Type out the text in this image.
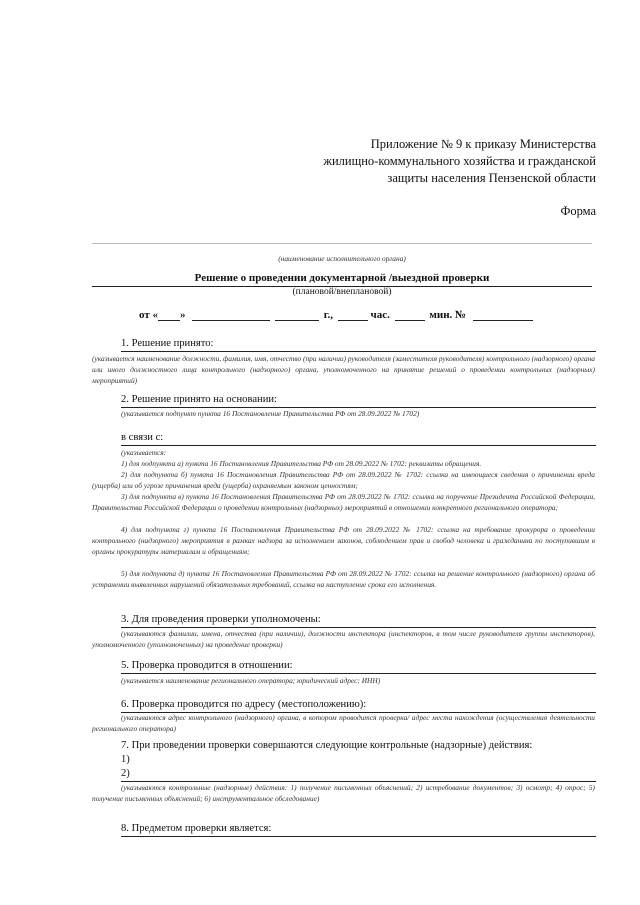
Приложение № 9 к приказу Министерства
жилищно-коммунального хозяйства и гражданской
защиты населения Пензенской области
Форма
(наименование исполнительного органа)
Решение о проведении документарной /выездной проверки
(плановой/внеплановой)
от « »	г.,	час.	мин. №
1. Решение принято:
(указывается наименование должности, фамилия, имя, отчество (при наличии) руководителя (заместителя руководителя) контрольного (надзорного) органа или иного должностного лица контрольного (надзорного) органа, уполномоченного на принятие решений о проведении контрольных (надзорных) мероприятий)
2. Решение принято на основании:
(указывается подпункт пункта 16 Постановление Правительства РФ от 28.09.2022 № 1702)
в связи с:
(указывается:
1) для подпункта а) пункта 16 Постановления Правительства РФ от 28.09.2022 № 1702: реквизиты обращения.
2) для подпункта б) пункта 16 Постановления Правительства РФ от 28.09.2022 № 1702: ссылка на имеющиеся сведения о причинении вреда (ущерба) или об угрозе причинения вреда (ущерба) охраняемым законом ценностям;
3) для подпункта в) пункта 16 Постановления Правительства РФ от 28.09.2022 № 1702: ссылка на поручение Президента Российской Федерации, Правительства Российской Федерации о проведении контрольных (надзорных) мероприятий в отношении конкретного регионального оператора;
4) для подпункта г) пункта 16 Постановления Правительства РФ от 28.09.2022 № 1702: ссылка на требование прокурора о проведении контрольного (надзорного) мероприятия в рамках надзора за исполнением законов, соблюдением прав и свобод человека и гражданина по поступившим в органы прокуратуры материалам и обращениям;
5) для подпункта д) пункта 16 Постановления Правительства РФ от 28.09.2022 № 1702: ссылка на решение контрольного (надзорного) органа об устранении выявленных нарушений обязательных требований, ссылка на наступление срока его исполнения.
3. Для проведения проверки уполномочены:
(указываются фамилии, имена, отчества (при наличии), должности инспектора (инспекторов, в том числе руководителя группы инспекторов), уполномоченного (уполномоченных) на проведение проверки)
5. Проверка проводится в отношении:
(указывается наименование регионального оператора; юридический адрес; ИНН)
6. Проверка проводится по адресу (местоположению):
(указываются адрес контрольного (надзорного) органа, в котором проводится проверка/ адрес места нахождения (осуществления деятельности регионального оператора)
7. При проведении проверки совершаются следующие контрольные (надзорные) действия:
1)
2)
(указываются контрольные (надзорные) действия: 1) получение письменных объяснений; 2) истребование документов; 3) осмотр; 4) опрос; 5) получение письменных объяснений; 6) инструментальное обследование)
8. Предметом проверки является:
